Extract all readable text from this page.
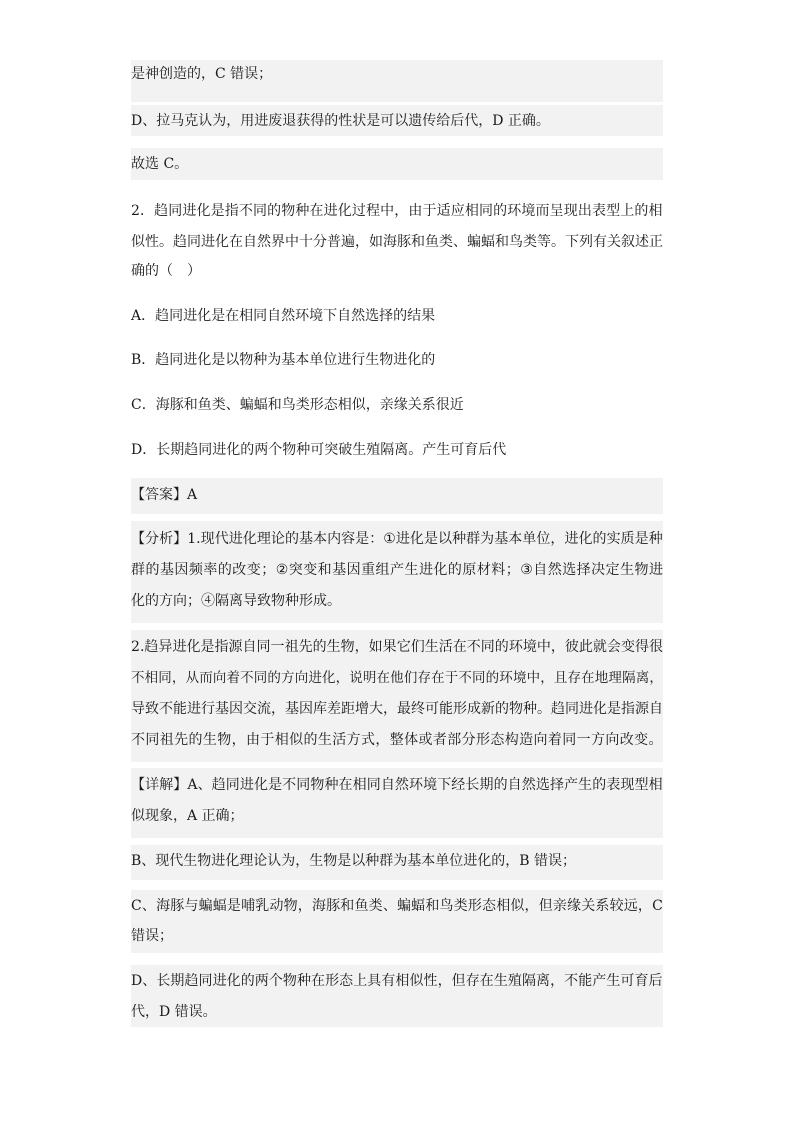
是神创造的，C 错误；
D、拉马克认为，用进废退获得的性状是可以遗传给后代，D 正确。
故选 C。
2 ． 趋 同 进 化 是 指 不 同 的 物 种 在 进 化 过 程 中 ， 由 于 适 应 相 同 的 环 境 而 呈 现 出 表 型 上 的 相
似 性 。 趋 同 进 化 在 自 然 界 中 十 分 普 遍 ， 如 海 豚 和 鱼 类 、 蝙 蝠 和 鸟 类 等 。 下 列 有 关 叙 述 正
确的（　）
A．趋同进化是在相同自然环境下自然选择的结果
B．趋同进化是以物种为基本单位进行生物进化的
C．海豚和鱼类、蝙蝠和鸟类形态相似，亲缘关系很近
D．长期趋同进化的两个物种可突破生殖隔离。产生可育后代
【答案】A
【 分 析 】 1 . 现 代 进 化 理 论 的 基 本 内 容 是 ： ① 进 化 是 以 种 群 为 基 本 单 位 ， 进 化 的 实 质 是 种
群 的 基 因 频 率 的 改 变 ； ② 突 变 和 基 因 重 组 产 生 进 化 的 原 材 料 ； ③ 自 然 选 择 决 定 生 物 进
化的方向；④隔离导致物种形成。
2 . 趋 异 进 化 是 指 源 自 同 一 祖 先 的 生 物 ， 如 果 它 们 生 活 在 不 同 的 环 境 中 ， 彼 此 就 会 变 得 很
不 相 同 ， 从 而 向 着 不 同 的 方 向 进 化 ， 说 明 在 他 们 存 在 于 不 同 的 环 境 中 ， 且 存 在 地 理 隔 离 ，
导 致 不 能 进 行 基 因 交 流 ， 基 因 库 差 距 增 大 ， 最 终 可 能 形 成 新 的 物 种 。 趋 同 进 化 是 指 源 自
不 同 祖 先 的 生 物 ， 由 于 相 似 的 生 活 方 式 ， 整 体 或 者 部 分 形 态 构 造 向 着 同 一 方 向 改 变 。
【 详 解 】 A 、 趋 同 进 化 是 不 同 物 种 在 相 同 自 然 环 境 下 经 长 期 的 自 然 选 择 产 生 的 表 现 型 相
似现象，A 正确；
B、现代生物进化理论认为，生物是以种群为基本单位进化的，B 错误；
C 、 海 豚 与 蝙 蝠 是 哺 乳 动 物 ， 海 豚 和 鱼 类 、 蝙 蝠 和 鸟 类 形 态 相 似 ， 但 亲 缘 关 系 较 远 ， C
错误；
D 、 长 期 趋 同 进 化 的 两 个 物 种 在 形 态 上 具 有 相 似 性 ， 但 存 在 生 殖 隔 离 ， 不 能 产 生 可 育 后
代，D 错误。
